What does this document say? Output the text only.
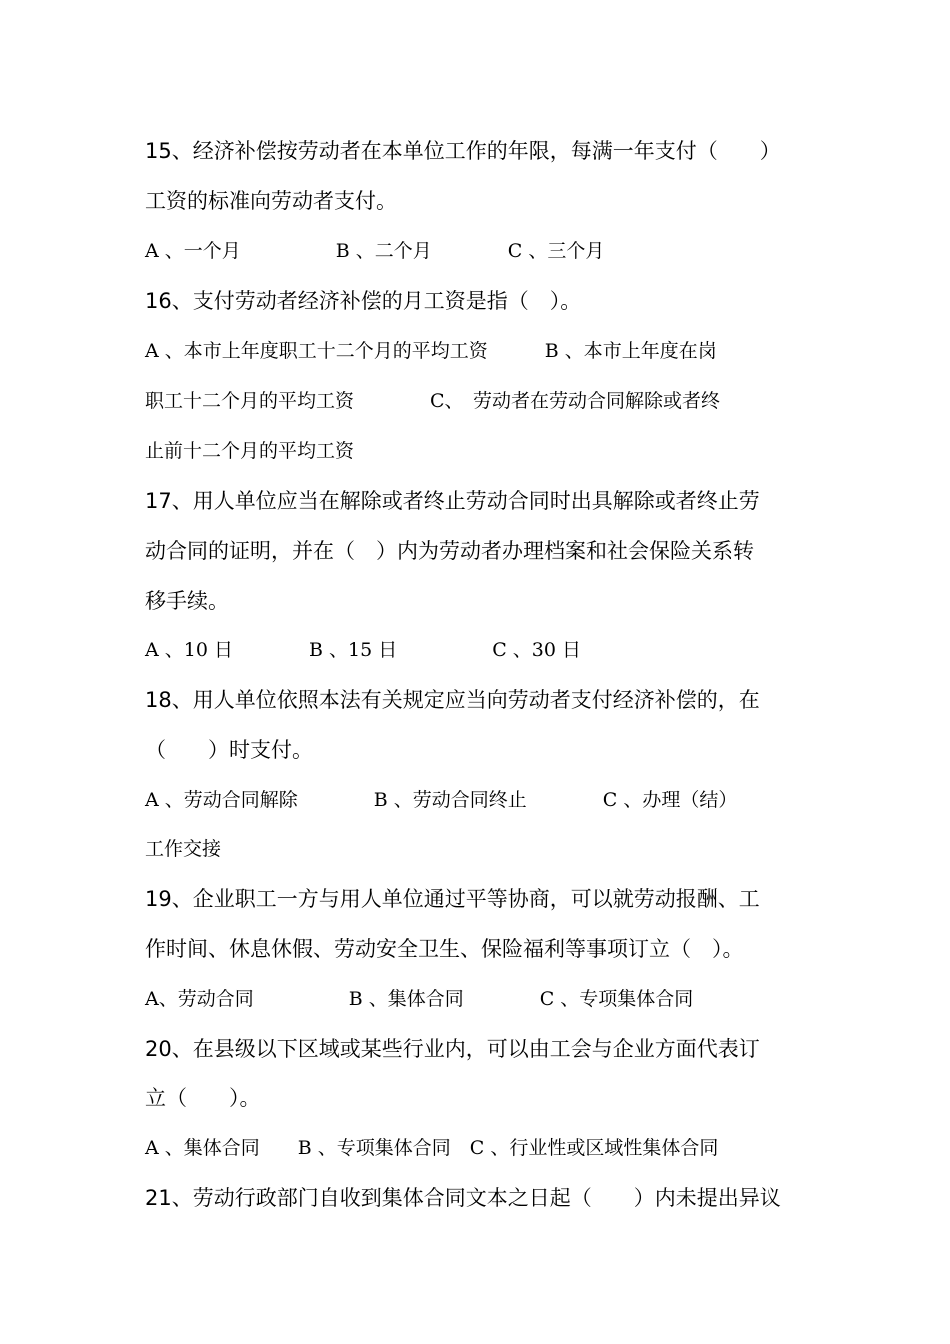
15、经济补偿按劳动者在本单位工作的年限，每满一年支付（　　）
工资的标准向劳动者支付。
A 、一个月　　　　　B 、二个月　　　　C 、三个月
16、支付劳动者经济补偿的月工资是指（　）。
A 、本市上年度职工十二个月的平均工资　　　B 、本市上年度在岗
职工十二个月的平均工资　　　　C、　劳动者在劳动合同解除或者终
止前十二个月的平均工资
17、用人单位应当在解除或者终止劳动合同时出具解除或者终止劳
动合同的证明，并在（　）内为劳动者办理档案和社会保险关系转
移手续。
A 、10 日　　　　B 、15 日　　　　　C 、30 日
18、用人单位依照本法有关规定应当向劳动者支付经济补偿的，在
（　　）时支付。
A 、劳动合同解除　　　　B 、劳动合同终止　　　　C 、办理（结）
工作交接
19、企业职工一方与用人单位通过平等协商，可以就劳动报酬、工
作时间、休息休假、劳动安全卫生、保险福利等事项订立（　）。
A、劳动合同　　　　　B 、集体合同　　　　C 、专项集体合同
20、在县级以下区域或某些行业内，可以由工会与企业方面代表订
立（　　）。
A 、集体合同　　B 、专项集体合同　C 、行业性或区域性集体合同
21、劳动行政部门自收到集体合同文本之日起（　　）内未提出异议
